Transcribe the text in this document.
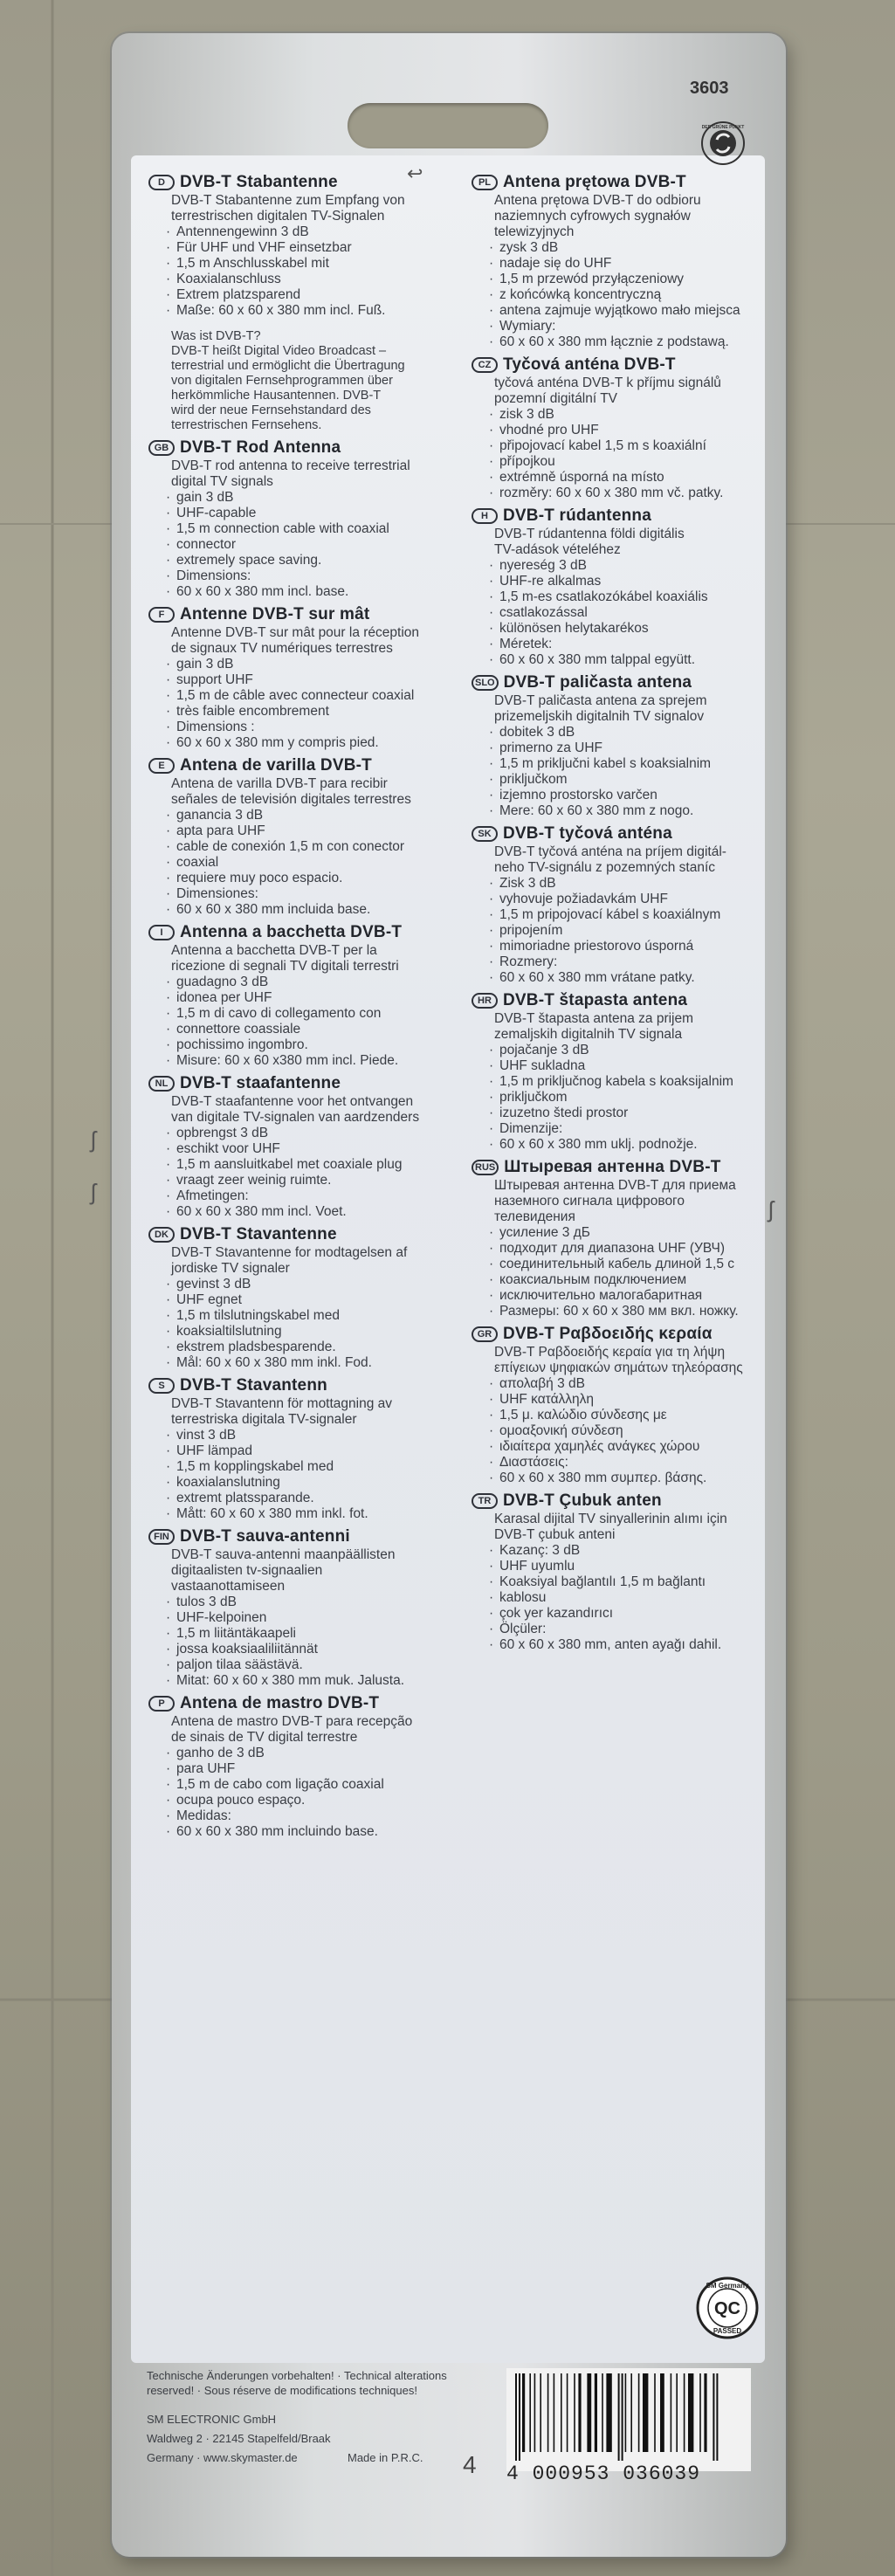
3603
DER GRÜNE PUNKT
D DVB-T Stabantenne
DVB-T Stabantenne zum Empfang von
terrestrischen digitalen TV-Signalen
· Antennengewinn 3 dB
· Für UHF und VHF einsetzbar
· 1,5 m Anschlusskabel mit
· Koaxialanschluss
· Extrem platzsparend
· Maße: 60 x 60 x 380 mm incl. Fuß.
Was ist DVB-T?
DVB-T heißt Digital Video Broadcast –
terrestrial und ermöglicht die Übertragung
von digitalen Fernsehprogrammen über
herkömmliche Hausantennen. DVB-T
wird der neue Fernsehstandard des
terrestrischen Fernsehens.
GB DVB-T Rod Antenna
DVB-T rod antenna to receive terrestrial
digital TV signals
· gain 3 dB
· UHF-capable
· 1,5 m connection cable with coaxial
· connector
· extremely space saving.
· Dimensions:
· 60 x 60 x 380 mm incl. base.
F Antenne DVB-T sur mât
Antenne DVB-T sur mât pour la réception
de signaux TV numériques terrestres
· gain 3 dB
· support UHF
· 1,5 m de câble avec connecteur coaxial
· très faible encombrement
· Dimensions :
· 60 x 60 x 380 mm y compris pied.
E Antena de varilla DVB-T
Antena de varilla DVB-T para recibir
señales de televisión digitales terrestres
· ganancia 3 dB
· apta para UHF
· cable de conexión 1,5 m con conector
· coaxial
· requiere muy poco espacio.
· Dimensiones:
· 60 x 60 x 380 mm incluida base.
I	Antenna a bacchetta DVB-T
Antenna a bacchetta DVB-T per la
ricezione di segnali TV digitali terrestri
· guadagno 3 dB
· idonea per UHF
· 1,5 m di cavo di collegamento con
· connettore coassiale
· pochissimo ingombro.
· Misure: 60 x 60 x380 mm incl. Piede.
NL DVB-T staafantenne
DVB-T staafantenne voor het ontvangen
van digitale TV-signalen van aardzenders
· opbrengst 3 dB
· eschikt voor UHF
· 1,5 m aansluitkabel met coaxiale plug
· vraagt zeer weinig ruimte.
· Afmetingen:
· 60 x 60 x 380 mm incl. Voet.
DK DVB-T Stavantenne
DVB-T Stavantenne for modtagelsen af
jordiske TV signaler
· gevinst 3 dB
· UHF egnet
· 1,5 m tilslutningskabel med
· koaksialtilslutning
· ekstrem pladsbesparende.
· Mål: 60 x 60 x 380 mm inkl. Fod.
S DVB-T Stavantenn
DVB-T Stavantenn för mottagning av
terrestriska digitala TV-signaler
· vinst 3 dB
· UHF lämpad
· 1,5 m kopplingskabel med
· koaxialanslutning
· extremt platssparande.
· Mått: 60 x 60 x 380 mm inkl. fot.
FIN DVB-T sauva-antenni
DVB-T sauva-antenni maanpäällisten
digitaalisten tv-signaalien
vastaanottamiseen
· tulos 3 dB
· UHF-kelpoinen
· 1,5 m liitäntäkaapeli
· jossa koaksiaaliliitännät
· paljon tilaa säästävä.
· Mitat: 60 x 60 x 380 mm muk. Jalusta.
P Antena de mastro DVB-T
Antena de mastro DVB-T para recepção
de sinais de TV digital terrestre
· ganho de 3 dB
· para UHF
· 1,5 m de cabo com ligação coaxial
· ocupa pouco espaço.
· Medidas:
· 60 x 60 x 380 mm incluindo base.
PL Antena prętowa DVB-T
Antena prętowa DVB-T do odbioru
naziemnych cyfrowych sygnałów
telewizyjnych
· zysk 3 dB
· nadaje się do UHF
· 1,5 m przewód przyłączeniowy
· z końcówką koncentryczną
· antena zajmuje wyjątkowo mało miejsca
· Wymiary:
· 60 x 60 x 380 mm łącznie z podstawą.
CZ Tyčová anténa DVB-T
tyčová anténa DVB-T k příjmu signálů
pozemní digitální TV
· zisk 3 dB
· vhodné pro UHF
· připojovací kabel 1,5 m s koaxiální
· přípojkou
· extrémně úsporná na místo
· rozměry: 60 x 60 x 380 mm vč. patky.
H DVB-T rúdantenna
DVB-T rúdantenna földi digitális
TV-adások vételéhez
· nyereség 3 dB
· UHF-re alkalmas
· 1,5 m-es csatlakozókábel koaxiális
· csatlakozással
· különösen helytakarékos
· Méretek:
· 60 x 60 x 380 mm talppal együtt.
SLO DVB-T paličasta antena
DVB-T paličasta antena za sprejem
prizemeljskih digitalnih TV signalov
· dobitek 3 dB
· primerno za UHF
· 1,5 m priključni kabel s koaksialnim
· priključkom
· izjemno prostorsko varčen
· Mere: 60 x 60 x 380 mm z nogo.
SK DVB-T tyčová anténa
DVB-T tyčová anténa na príjem digitál-
neho TV-signálu z pozemných staníc
· Zisk 3 dB
· vyhovuje požiadavkám UHF
· 1,5 m pripojovací kábel s koaxiálnym
· pripojením
· mimoriadne priestorovo úsporná
· Rozmery:
· 60 x 60 x 380 mm vrátane patky.
HR DVB-T štapasta antena
DVB-T štapasta antena za prijem
zemaljskih digitalnih TV signala
· pojačanje 3 dB
· UHF sukladna
· 1,5 m priključnog kabela s koaksijalnim
· priključkom
· izuzetno štedi prostor
· Dimenzije:
· 60 x 60 x 380 mm uklj. podnožje.
RUS Штыревая антенна DVB-T
Штыревая антенна DVB-T для приема
наземного сигнала цифрового
телевидения
· усиление 3 дБ
· подходит для диапазона UHF (УВЧ)
· соединительный кабель длиной 1,5 с
· коаксиальным подключением
· исключительно малогабаритная
· Размеры: 60 x 60 x 380 мм вкл. ножку.
GR DVB-T Ραβδοειδής κεραία
DVB-T Ραβδοειδής κεραία για τη λήψη
επίγειων ψηφιακών σημάτων τηλεόρασης
· απολαβή 3 dB
· UHF κατάλληλη
· 1,5 μ. καλώδιο σύνδεσης με
· ομοαξονική σύνδεση
· ιδιαίτερα χαμηλές ανάγκες χώρου
· Διαστάσεις:
· 60 x 60 x 380 mm συμπερ. βάσης.
TR DVB-T Çubuk anten
Karasal dijital TV sinyallerinin alımı için
DVB-T çubuk anteni
· Kazanç: 3 dB
· UHF uyumlu
· Koaksiyal bağlantılı 1,5 m bağlantı
· kablosu
· çok yer kazandırıcı
· Ölçüler:
· 60 x 60 x 380 mm, anten ayağı dahil.
ʃ
ʃ
ʃ
↩
SM Germany
QC
PASSED
Technische Änderungen vorbehalten! · Technical alterations
reserved! · Sous réserve de modifications techniques!
SM ELECTRONIC GmbH
Waldweg 2 · 22145 Stapelfeld/Braak
Germany · www.skymaster.de	Made in P.R.C. 4 4 000953 036039
